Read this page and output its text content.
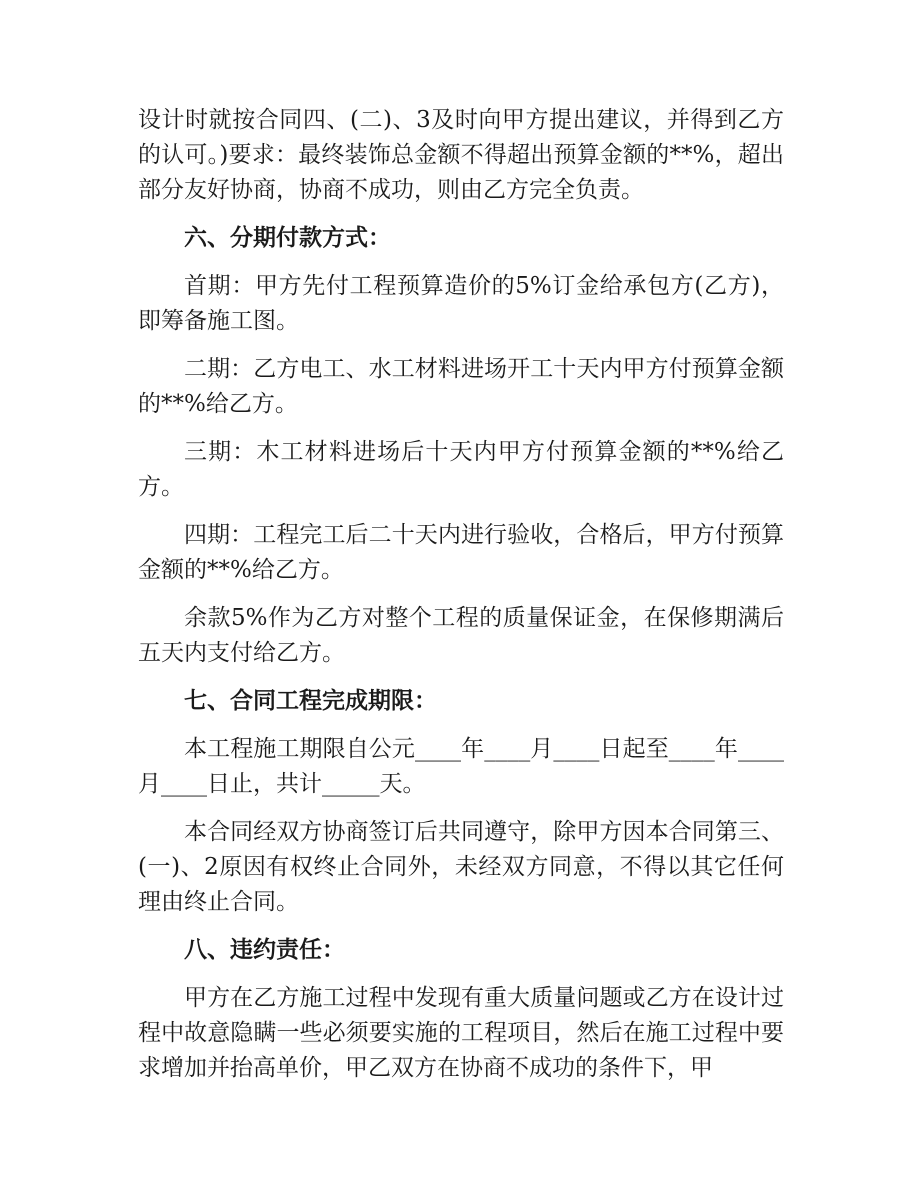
设计时就按合同四、(二)、3及时向甲方提出建议，并得到乙方的认可。)要求：最终装饰总金额不得超出预算金额的**%，超出部分友好协商，协商不成功，则由乙方完全负责。

六、分期付款方式：

首期：甲方先付工程预算造价的5%订金给承包方(乙方)，即筹备施工图。

二期：乙方电工、水工材料进场开工十天内甲方付预算金额的**%给乙方。

三期：木工材料进场后十天内甲方付预算金额的**%给乙方。

四期：工程完工后二十天内进行验收，合格后，甲方付预算金额的**%给乙方。

余款5%作为乙方对整个工程的质量保证金，在保修期满后五天内支付给乙方。

七、合同工程完成期限：

本工程施工期限自公元____年____月____日起至____年____月____日止，共计_____天。

本合同经双方协商签订后共同遵守，除甲方因本合同第三、(一)、2原因有权终止合同外，未经双方同意，不得以其它任何理由终止合同。

八、违约责任：

甲方在乙方施工过程中发现有重大质量问题或乙方在设计过程中故意隐瞒一些必须要实施的工程项目，然后在施工过程中要求增加并抬高单价，甲乙双方在协商不成功的条件下，甲
